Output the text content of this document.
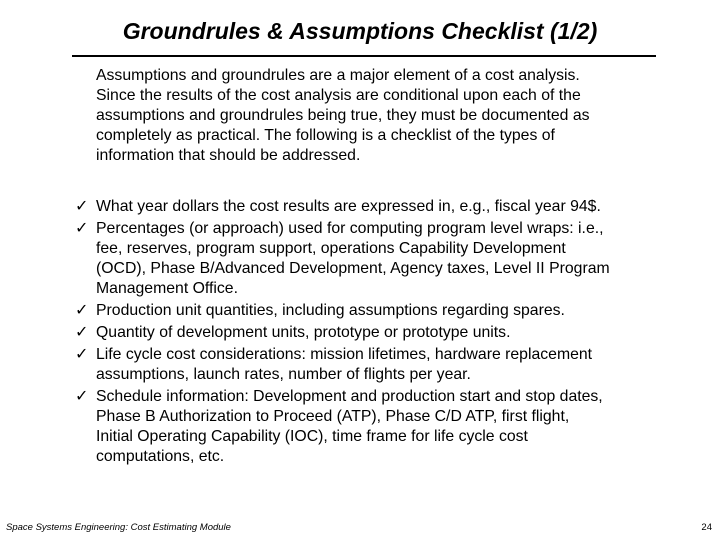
Groundrules & Assumptions Checklist (1/2)
Assumptions and groundrules are a major element of a cost analysis.
Since the results of the cost analysis are conditional upon each of the
assumptions and groundrules being true, they must be documented as
completely as practical. The following is a checklist of the types of
information that should be addressed.
✓ What year dollars the cost results are expressed in, e.g., fiscal year 94$.
✓ Percentages (or approach) used for computing program level wraps: i.e.,
fee, reserves, program support, operations Capability Development
(OCD), Phase B/Advanced Development, Agency taxes, Level II Program
Management Office.
✓ Production unit quantities, including assumptions regarding spares.
✓ Quantity of development units, prototype or prototype units.
✓ Life cycle cost considerations: mission lifetimes, hardware replacement
assumptions, launch rates, number of flights per year.
✓ Schedule information: Development and production start and stop dates,
Phase B Authorization to Proceed (ATP), Phase C/D ATP, first flight,
Initial Operating Capability (IOC), time frame for life cycle cost
computations, etc.
Space Systems Engineering: Cost Estimating Module	24
